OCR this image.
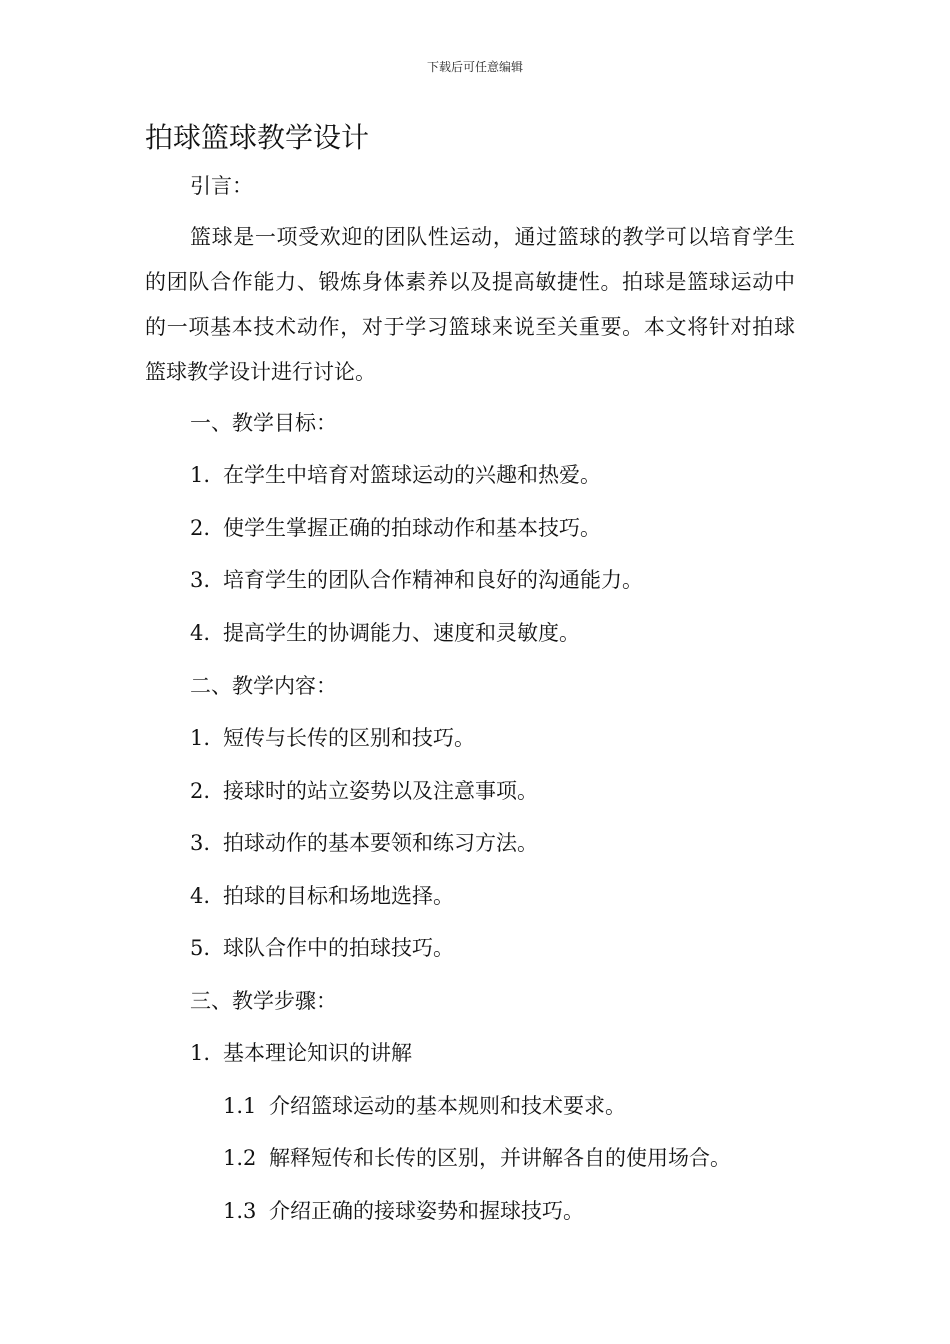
下载后可任意编辑
拍球篮球教学设计
引言：

篮球是一项受欢迎的团队性运动，通过篮球的教学可以培育学生的团队合作能力、锻炼身体素养以及提高敏捷性。拍球是篮球运动中的一项基本技术动作，对于学习篮球来说至关重要。本文将针对拍球篮球教学设计进行讨论。

一、教学目标：
1. 在学生中培育对篮球运动的兴趣和热爱。
2. 使学生掌握正确的拍球动作和基本技巧。
3. 培育学生的团队合作精神和良好的沟通能力。
4. 提高学生的协调能力、速度和灵敏度。
二、教学内容：
1. 短传与长传的区别和技巧。
2. 接球时的站立姿势以及注意事项。
3. 拍球动作的基本要领和练习方法。
4. 拍球的目标和场地选择。
5. 球队合作中的拍球技巧。
三、教学步骤：
1. 基本理论知识的讲解
1.1 介绍篮球运动的基本规则和技术要求。
1.2 解释短传和长传的区别，并讲解各自的使用场合。
1.3 介绍正确的接球姿势和握球技巧。
